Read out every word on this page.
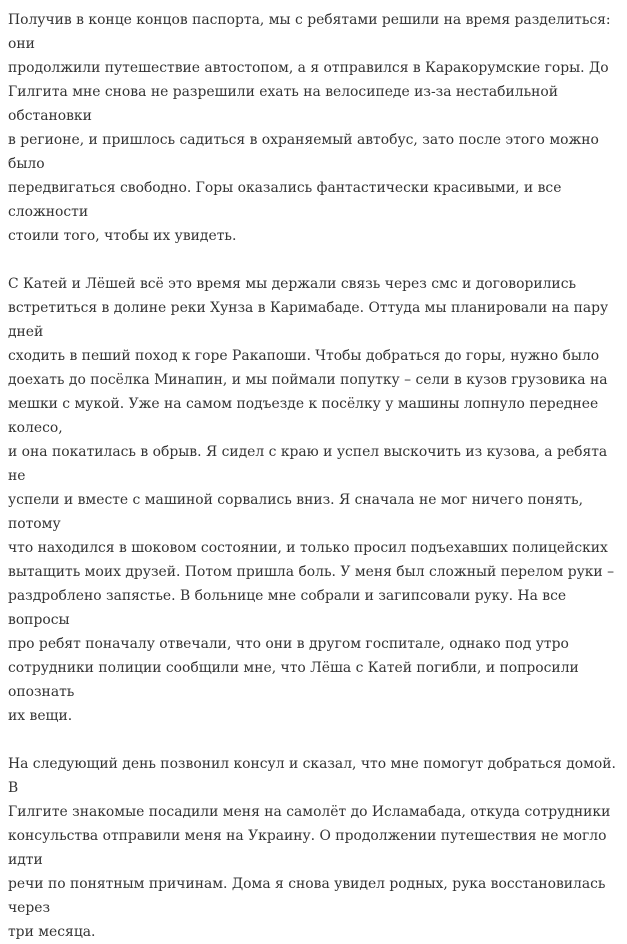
Получив в конце концов паспорта, мы с ребятами решили на время разделиться: они
продолжили путешествие автостопом, а я отправился в Каракорумские горы. До
Гилгита мне снова не разрешили ехать на велосипеде из-за нестабильной обстановки
в регионе, и пришлось садиться в охраняемый автобус, зато после этого можно было
передвигаться свободно. Горы оказались фантастически красивыми, и все сложности
стоили того, чтобы их увидеть.

С Катей и Лёшей всё это время мы держали связь через смс и договорились
встретиться в долине реки Хунза в Каримабаде. Оттуда мы планировали на пару дней
сходить в пеший поход к горе Ракапоши. Чтобы добраться до горы, нужно было
доехать до посёлка Минапин, и мы поймали попутку – сели в кузов грузовика на
мешки с мукой. Уже на самом подъезде к посёлку у машины лопнуло переднее колесо,
и она покатилась в обрыв. Я сидел с краю и успел выскочить из кузова, а ребята не
успели и вместе с машиной сорвались вниз. Я сначала не мог ничего понять, потому
что находился в шоковом состоянии, и только просил подъехавших полицейских
вытащить моих друзей. Потом пришла боль. У меня был сложный перелом руки –
раздроблено запястье. В больнице мне собрали и загипсовали руку. На все вопросы
про ребят поначалу отвечали, что они в другом госпитале, однако под утро
сотрудники полиции сообщили мне, что Лёша с Катей погибли, и попросили опознать
их вещи.

На следующий день позвонил консул и сказал, что мне помогут добраться домой. В
Гилгите знакомые посадили меня на самолёт до Исламабада, откуда сотрудники
консульства отправили меня на Украину. О продолжении путешествия не могло идти
речи по понятным причинам. Дома я снова увидел родных, рука восстановилась через
три месяца.
